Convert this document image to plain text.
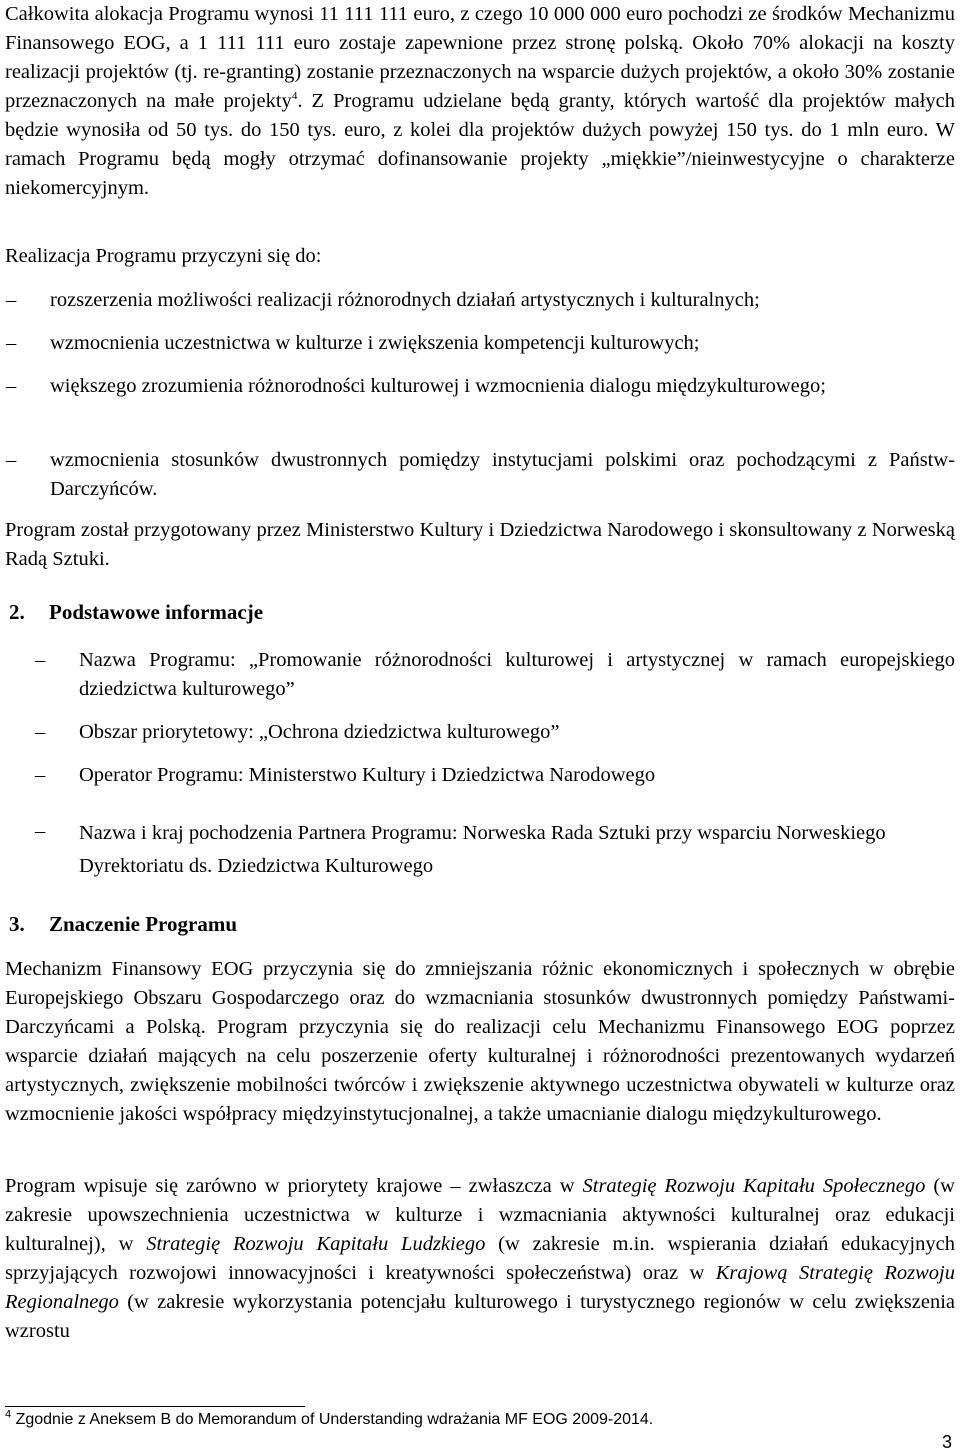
Całkowita alokacja Programu wynosi 11 111 111 euro, z czego 10 000 000 euro pochodzi ze środków Mechanizmu Finansowego EOG, a 1 111 111 euro zostaje zapewnione przez stronę polską. Około 70% alokacji na koszty realizacji projektów (tj. re-granting) zostanie przeznaczonych na wsparcie dużych projektów, a około 30% zostanie przeznaczonych na małe projekty$^4$. Z Programu udzielane będą granty, których wartość dla projektów małych będzie wynosiła od 50 tys. do 150 tys. euro, z kolei dla projektów dużych powyżej 150 tys. do 1 mln euro. W ramach Programu będą mogły otrzymać dofinansowanie projekty „miękkie”/nieinwestycyjne o charakterze niekomercyjnym.

Realizacja Programu przyczyni się do:

– rozszerzenia możliwości realizacji różnorodnych działań artystycznych i kulturalnych;

– wzmocnienia uczestnictwa w kulturze i zwiększenia kompetencji kulturowych;

– większego zrozumienia różnorodności kulturowej i wzmocnienia dialogu międzykulturowego;

– wzmocnienia stosunków dwustronnych pomiędzy instytucjami polskimi oraz pochodzącymi z Państw-Darczyńców.

Program został przygotowany przez Ministerstwo Kultury i Dziedzictwa Narodowego i skonsultowany z Norweską Radą Sztuki.

2. Podstawowe informacje
– Nazwa Programu: „Promowanie różnorodności kulturowej i artystycznej w ramach europejskiego dziedzictwa kulturowego”

– Obszar priorytetowy: „Ochrona dziedzictwa kulturowego”

– Operator Programu: Ministerstwo Kultury i Dziedzictwa Narodowego

– Nazwa i kraj pochodzenia Partnera Programu: Norweska Rada Sztuki przy wsparciu Norweskiego Dyrektoriatu ds. Dziedzictwa Kulturowego

3. Znaczenie Programu

Mechanizm Finansowy EOG przyczynia się do zmniejszania różnic ekonomicznych i społecznych w obrębie Europejskiego Obszaru Gospodarczego oraz do wzmacniania stosunków dwustronnych pomiędzy Państwami-Darczyńcami a Polską. Program przyczynia się do realizacji celu Mechanizmu Finansowego EOG poprzez wsparcie działań mających na celu poszerzenie oferty kulturalnej i różnorodności prezentowanych wydarzeń artystycznych, zwiększenie mobilności twórców i zwiększenie aktywnego uczestnictwa obywateli w kulturze oraz wzmocnienie jakości współpracy międzyinstytucjonalnej, a także umacnianie dialogu międzykulturowego.

Program wpisuje się zarówno w priorytety krajowe – zwłaszcza w Strategię Rozwoju Kapitału Społecznego (w zakresie upowszechnienia uczestnictwa w kulturze i wzmacniania aktywności kulturalnej oraz edukacji kulturalnej), w Strategię Rozwoju Kapitału Ludzkiego (w zakresie m.in. wspierania działań edukacyjnych sprzyjających rozwojowi innowacyjności i kreatywności społeczeństwa) oraz w Krajową Strategię Rozwoju Regionalnego (w zakresie wykorzystania potencjału kulturowego i turystycznego regionów w celu zwiększenia wzrostu

$^4$ Zgodnie z Aneksem B do Memorandum of Understanding wdrażania MF EOG 2009-2014.

3
